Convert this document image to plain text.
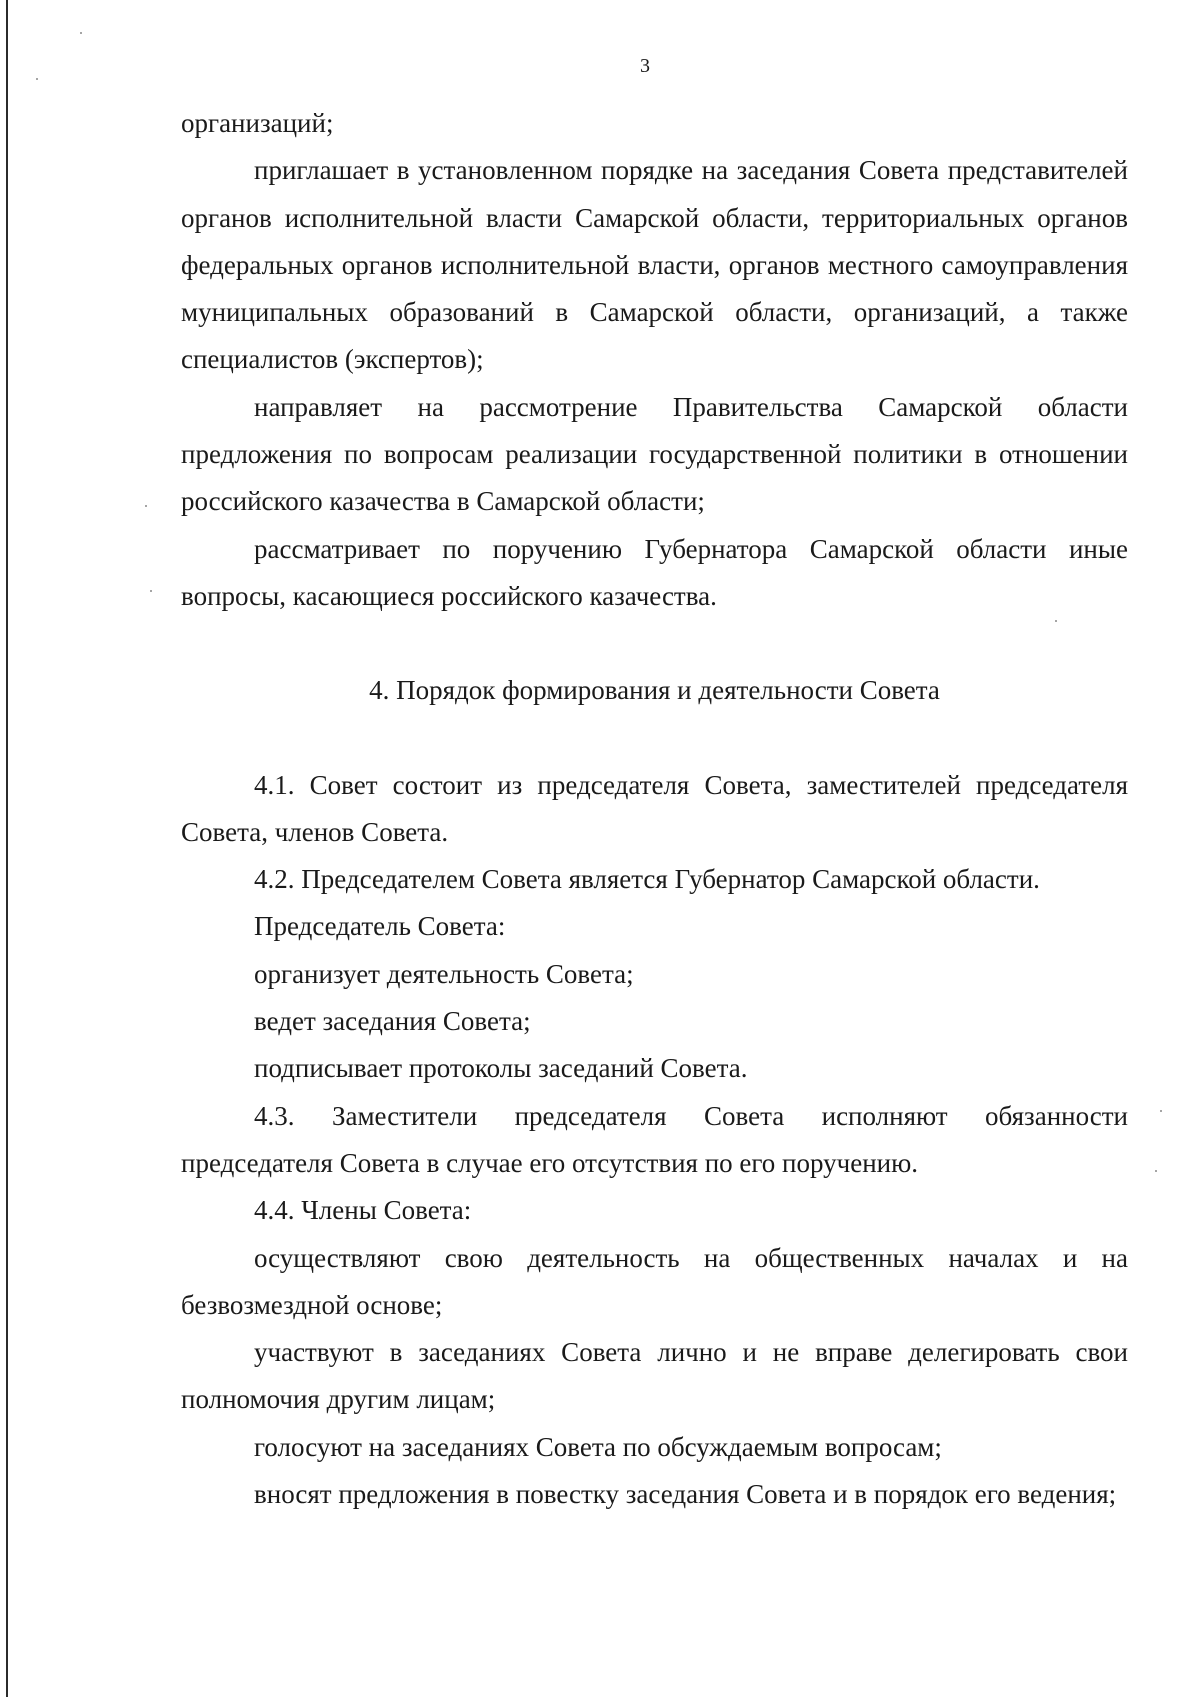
3

организаций;

приглашает в установленном порядке на заседания Совета представителей органов исполнительной власти Самарской области, территориальных органов федеральных органов исполнительной власти, органов местного самоуправления муниципальных образований в Самарской области, организаций, а также специалистов (экспертов);

направляет на рассмотрение Правительства Самарской области предложения по вопросам реализации государственной политики в отношении российского казачества в Самарской области;

рассматривает по поручению Губернатора Самарской области иные вопросы, касающиеся российского казачества.

4. Порядок формирования и деятельности Совета

4.1. Совет состоит из председателя Совета, заместителей председателя Совета, членов Совета.

4.2. Председателем Совета является Губернатор Самарской области.

Председатель Совета:

организует деятельность Совета;

ведет заседания Совета;

подписывает протоколы заседаний Совета.

4.3. Заместители председателя Совета исполняют обязанности председателя Совета в случае его отсутствия по его поручению.

4.4. Члены Совета:

осуществляют свою деятельность на общественных началах и на безвозмездной основе;

участвуют в заседаниях Совета лично и не вправе делегировать свои полномочия другим лицам;

голосуют на заседаниях Совета по обсуждаемым вопросам;

вносят предложения в повестку заседания Совета и в порядок его ведения;
